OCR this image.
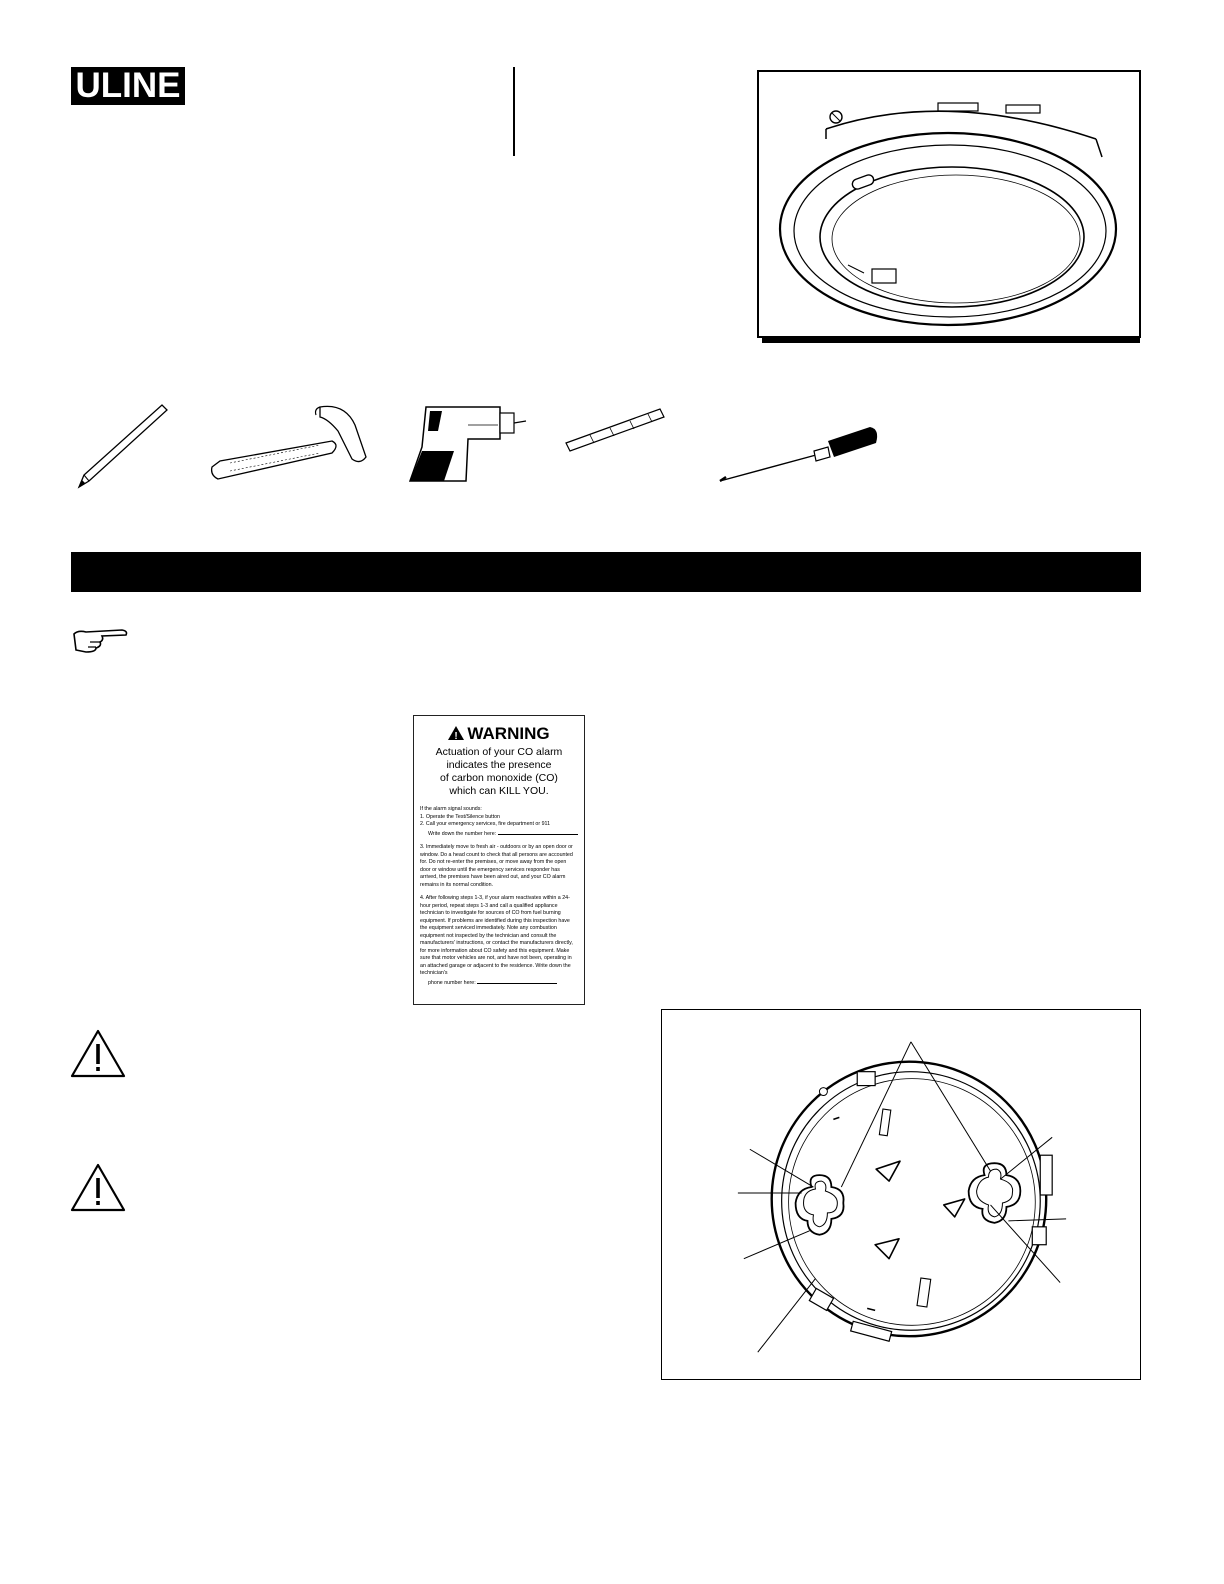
ULINE
!WARNING
Actuation of your CO alarm
indicates the presence
of carbon monoxide (CO)
which can KILL YOU.
If the alarm signal sounds:
1. Operate the Test/Silence button
2. Call your emergency services, fire department or 911

Write down the number here:

3. Immediately move to fresh air - outdoors or by an open door or window. Do a head count to check that all persons are accounted for. Do not re-enter the premises, or move away from the open door or window until the emergency services responder has arrived, the premises have been aired out, and your CO alarm remains in its normal condition.

4. After following steps 1-3, if your alarm reactivates within a 24-hour period, repeat steps 1-3 and call a qualified appliance technician to investigate for sources of CO from fuel burning equipment. If problems are identified during this inspection have the equipment serviced immediately. Note any combustion equipment not inspected by the technician and consult the manufacturers' instructions, or contact the manufacturers directly, for more information about CO safety and this equipment. Make sure that motor vehicles are not, and have not been, operating in an attached garage or adjacent to the residence. Write down the technician's
phone number here:
